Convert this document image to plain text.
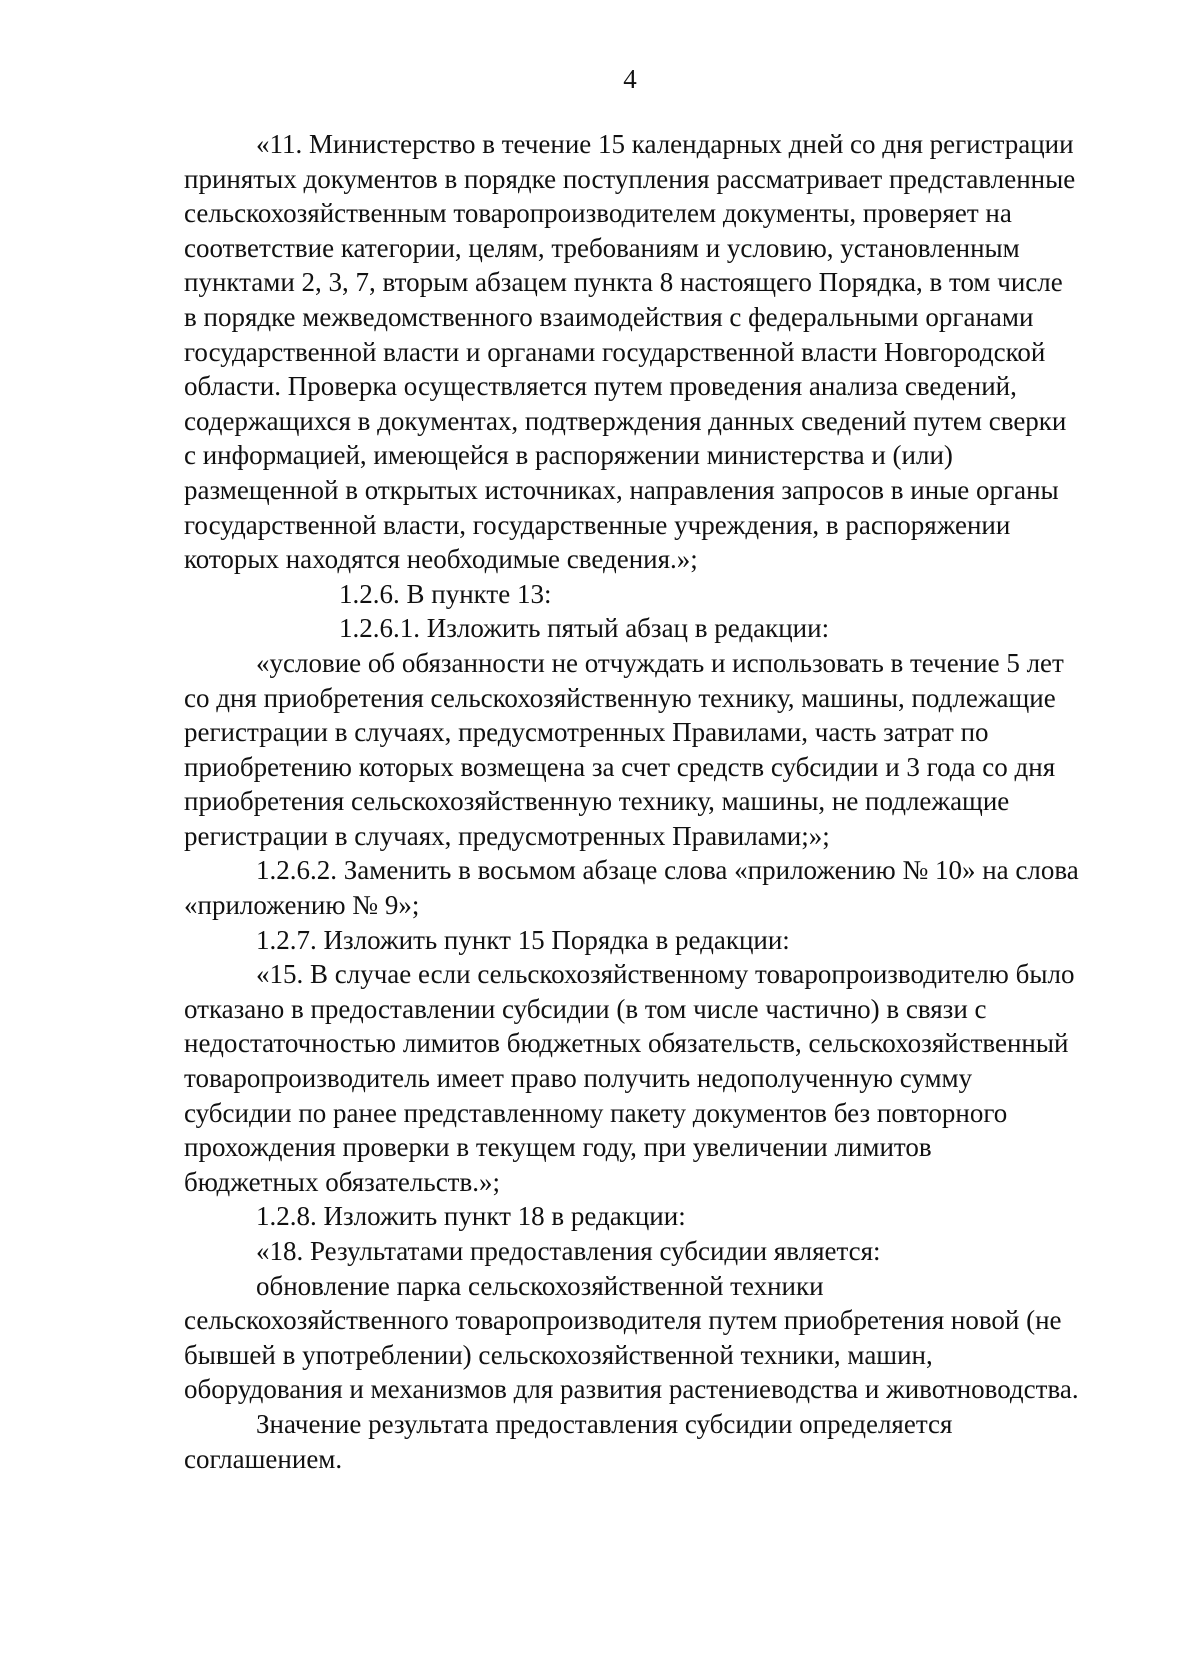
4

«11. Министерство в течение 15 календарных дней со дня регистрации
принятых документов в порядке поступления рассматривает представленные
сельскохозяйственным товаропроизводителем документы, проверяет на
соответствие категории, целям, требованиям и условию, установленным
пунктами 2, 3, 7, вторым абзацем пункта 8 настоящего Порядка, в том числе
в порядке межведомственного взаимодействия с федеральными органами
государственной власти и органами государственной власти Новгородской
области. Проверка осуществляется путем проведения анализа сведений,
содержащихся в документах, подтверждения данных сведений путем сверки
с информацией, имеющейся в распоряжении министерства и (или)
размещенной в открытых источниках, направления запросов в иные органы
государственной власти, государственные учреждения, в распоряжении
которых находятся необходимые сведения.»;

1.2.6. В пункте 13:

1.2.6.1. Изложить пятый абзац в редакции:

«условие об обязанности не отчуждать и использовать в течение 5 лет
со дня приобретения сельскохозяйственную технику, машины, подлежащие
регистрации в случаях, предусмотренных Правилами, часть затрат по
приобретению которых возмещена за счет средств субсидии и 3 года со дня
приобретения сельскохозяйственную технику, машины, не подлежащие
регистрации в случаях, предусмотренных Правилами;»;

1.2.6.2. Заменить в восьмом абзаце слова «приложению № 10» на слова
«приложению № 9»;

1.2.7. Изложить пункт 15 Порядка в редакции:

«15. В случае если сельскохозяйственному товаропроизводителю было
отказано в предоставлении субсидии (в том числе частично) в связи с
недостаточностью лимитов бюджетных обязательств, сельскохозяйственный
товаропроизводитель имеет право получить недополученную сумму
субсидии по ранее представленному пакету документов без повторного
прохождения проверки в текущем году, при увеличении лимитов
бюджетных обязательств.»;

1.2.8. Изложить пункт 18 в редакции:

«18. Результатами предоставления субсидии является:

обновление парка сельскохозяйственной техники
сельскохозяйственного товаропроизводителя путем приобретения новой (не
бывшей в употреблении) сельскохозяйственной техники, машин,
оборудования и механизмов для развития растениеводства и животноводства.

Значение результата предоставления субсидии определяется
соглашением.
